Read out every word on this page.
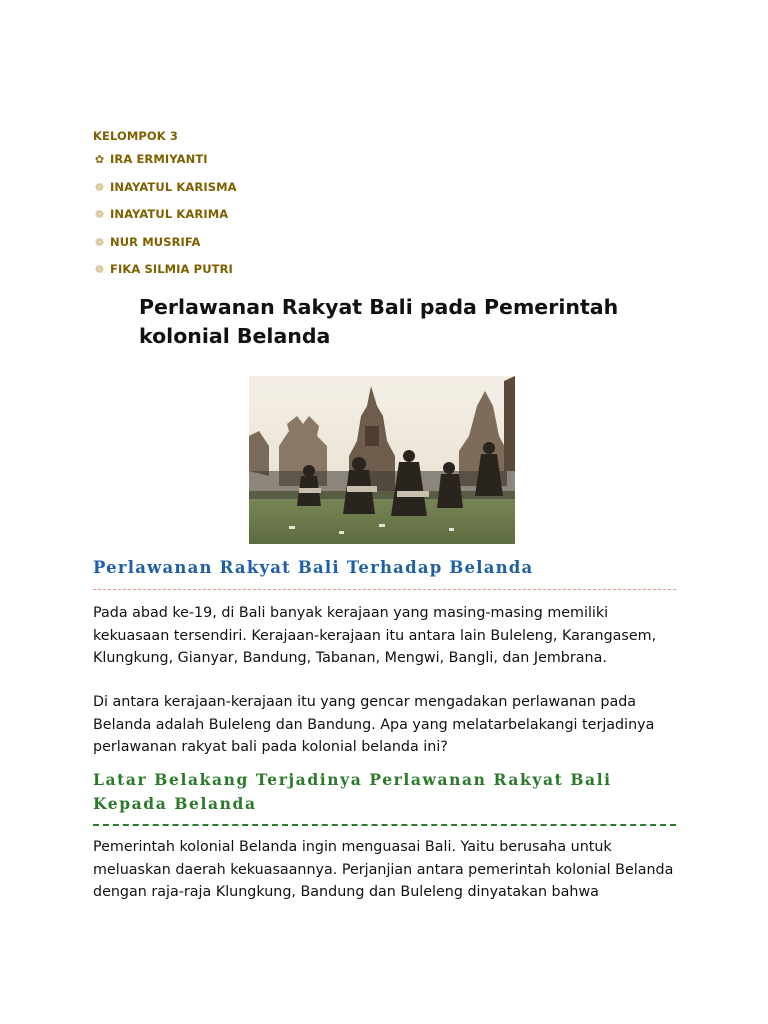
KELOMPOK 3
✿ IRA ERMIYANTI
❁ INAYATUL KARISMA
❁ INAYATUL KARIMA
❁ NUR MUSRIFA
❁ FIKA SILMIA PUTRI
Perlawanan Rakyat Bali pada Pemerintah kolonial Belanda
Perlawanan Rakyat Bali Terhadap Belanda

Pada abad ke-19, di Bali banyak kerajaan yang masing-masing memiliki kekuasaan tersendiri. Kerajaan-kerajaan itu antara lain Buleleng, Karangasem, Klungkung, Gianyar, Bandung, Tabanan, Mengwi, Bangli, dan Jembrana.

Di antara kerajaan-kerajaan itu yang gencar mengadakan perlawanan pada Belanda adalah Buleleng dan Bandung. Apa yang melatarbelakangi terjadinya perlawanan rakyat bali pada kolonial belanda ini?

Latar Belakang Terjadinya Perlawanan Rakyat Bali Kepada Belanda

Pemerintah kolonial Belanda ingin menguasai Bali. Yaitu berusaha untuk meluaskan daerah kekuasaannya. Perjanjian antara pemerintah kolonial Belanda dengan raja-raja Klungkung, Bandung dan Buleleng dinyatakan bahwa
